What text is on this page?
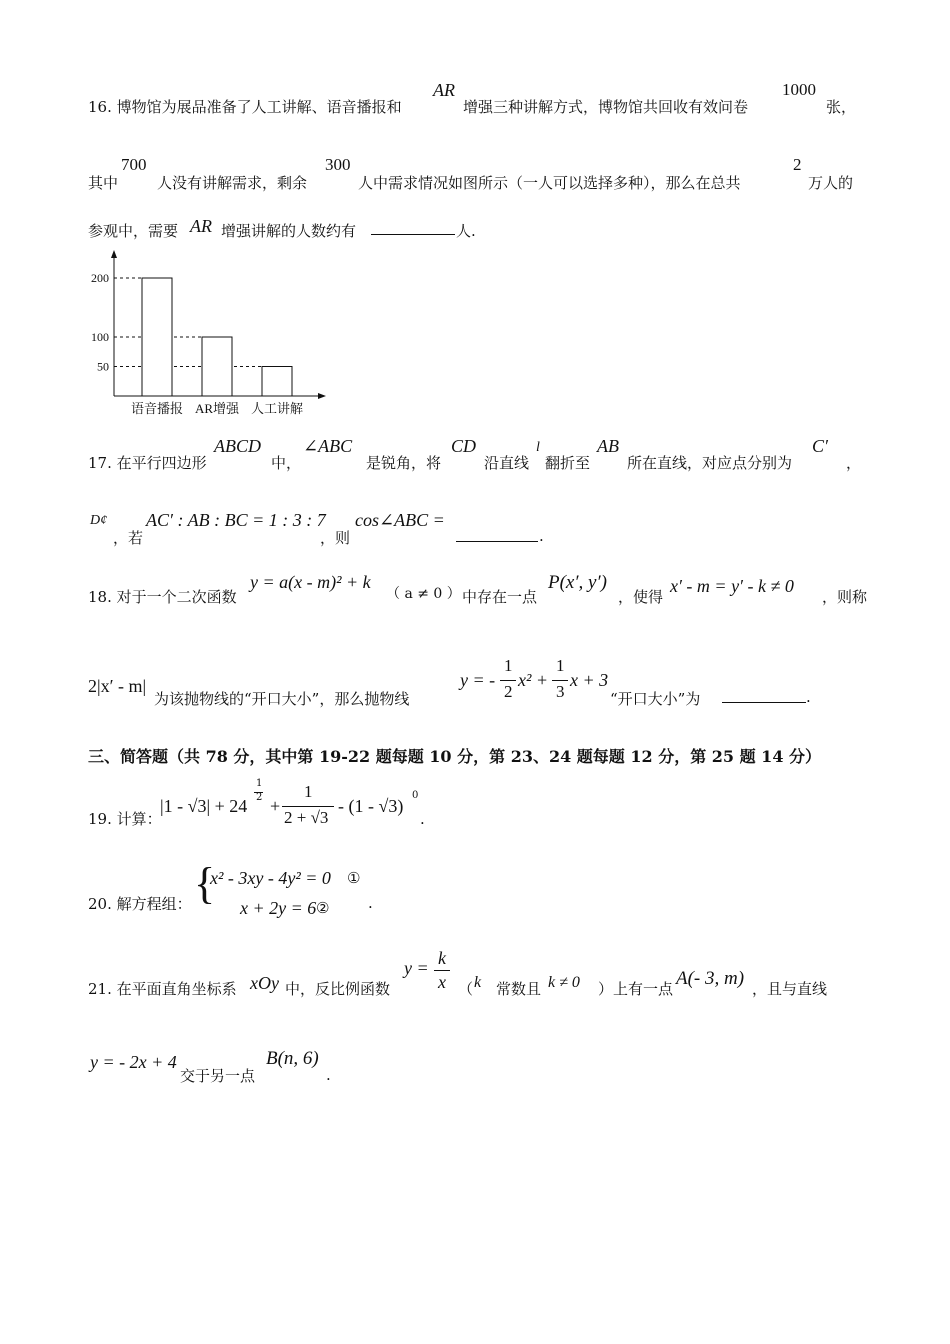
16. 博物馆为展品准备了人工讲解、语音播报和
AR
增强三种讲解方式，博物馆共回收有效问卷
1000
张，
其中
700
人没有讲解需求，剩余
300
人中需求情况如图所示（一人可以选择多种），那么在总共
2
万人的
参观中，需要 AR 增强讲解的人数约有	人.
200
100
50
语音播报 AR增强 人工讲解
17. 在平行四边形
ABCD
中，
∠ABC
是锐角，将
CD
沿直线
l
翻折至
AB
所在直线，对应点分别为
C′
，
D¢
，若
AC′ : AB : BC = 1 : 3 : 7
，则
cos∠ABC =
.
18. 对于一个二次函数
y = a(x - m)² + k
（ a ≠ 0 ） 中存在一点
P(x′, y′)
，使得
x′ - m = y′ - k ≠ 0
，则称
2|x′ - m|
为该抛物线的“开口大小”，那么抛物线
y = -
1
2
x² +
1
3
x + 3
“开口大小”为	.
三、简答题（共 78 分，其中第 19-22 题每题 10 分，第 23、24 题每题 12 分，第 25 题 14 分）
19. 计算：
|1 - √3| + 24
1
2 +
1
2 + √3
- (1 - √3)
0
.
20. 解方程组： {
x² - 3xy - 4y² = 0 ①
x + 2y = 6 ②	.
21. 在平面直角坐标系 xOy 中，反比例函数
y = k
x （ k 常数且 k ≠ 0 ）上有一点 A(- 3, m) ，且与直线
y = - 2x + 4
交于另一点
B(n, 6)
.
